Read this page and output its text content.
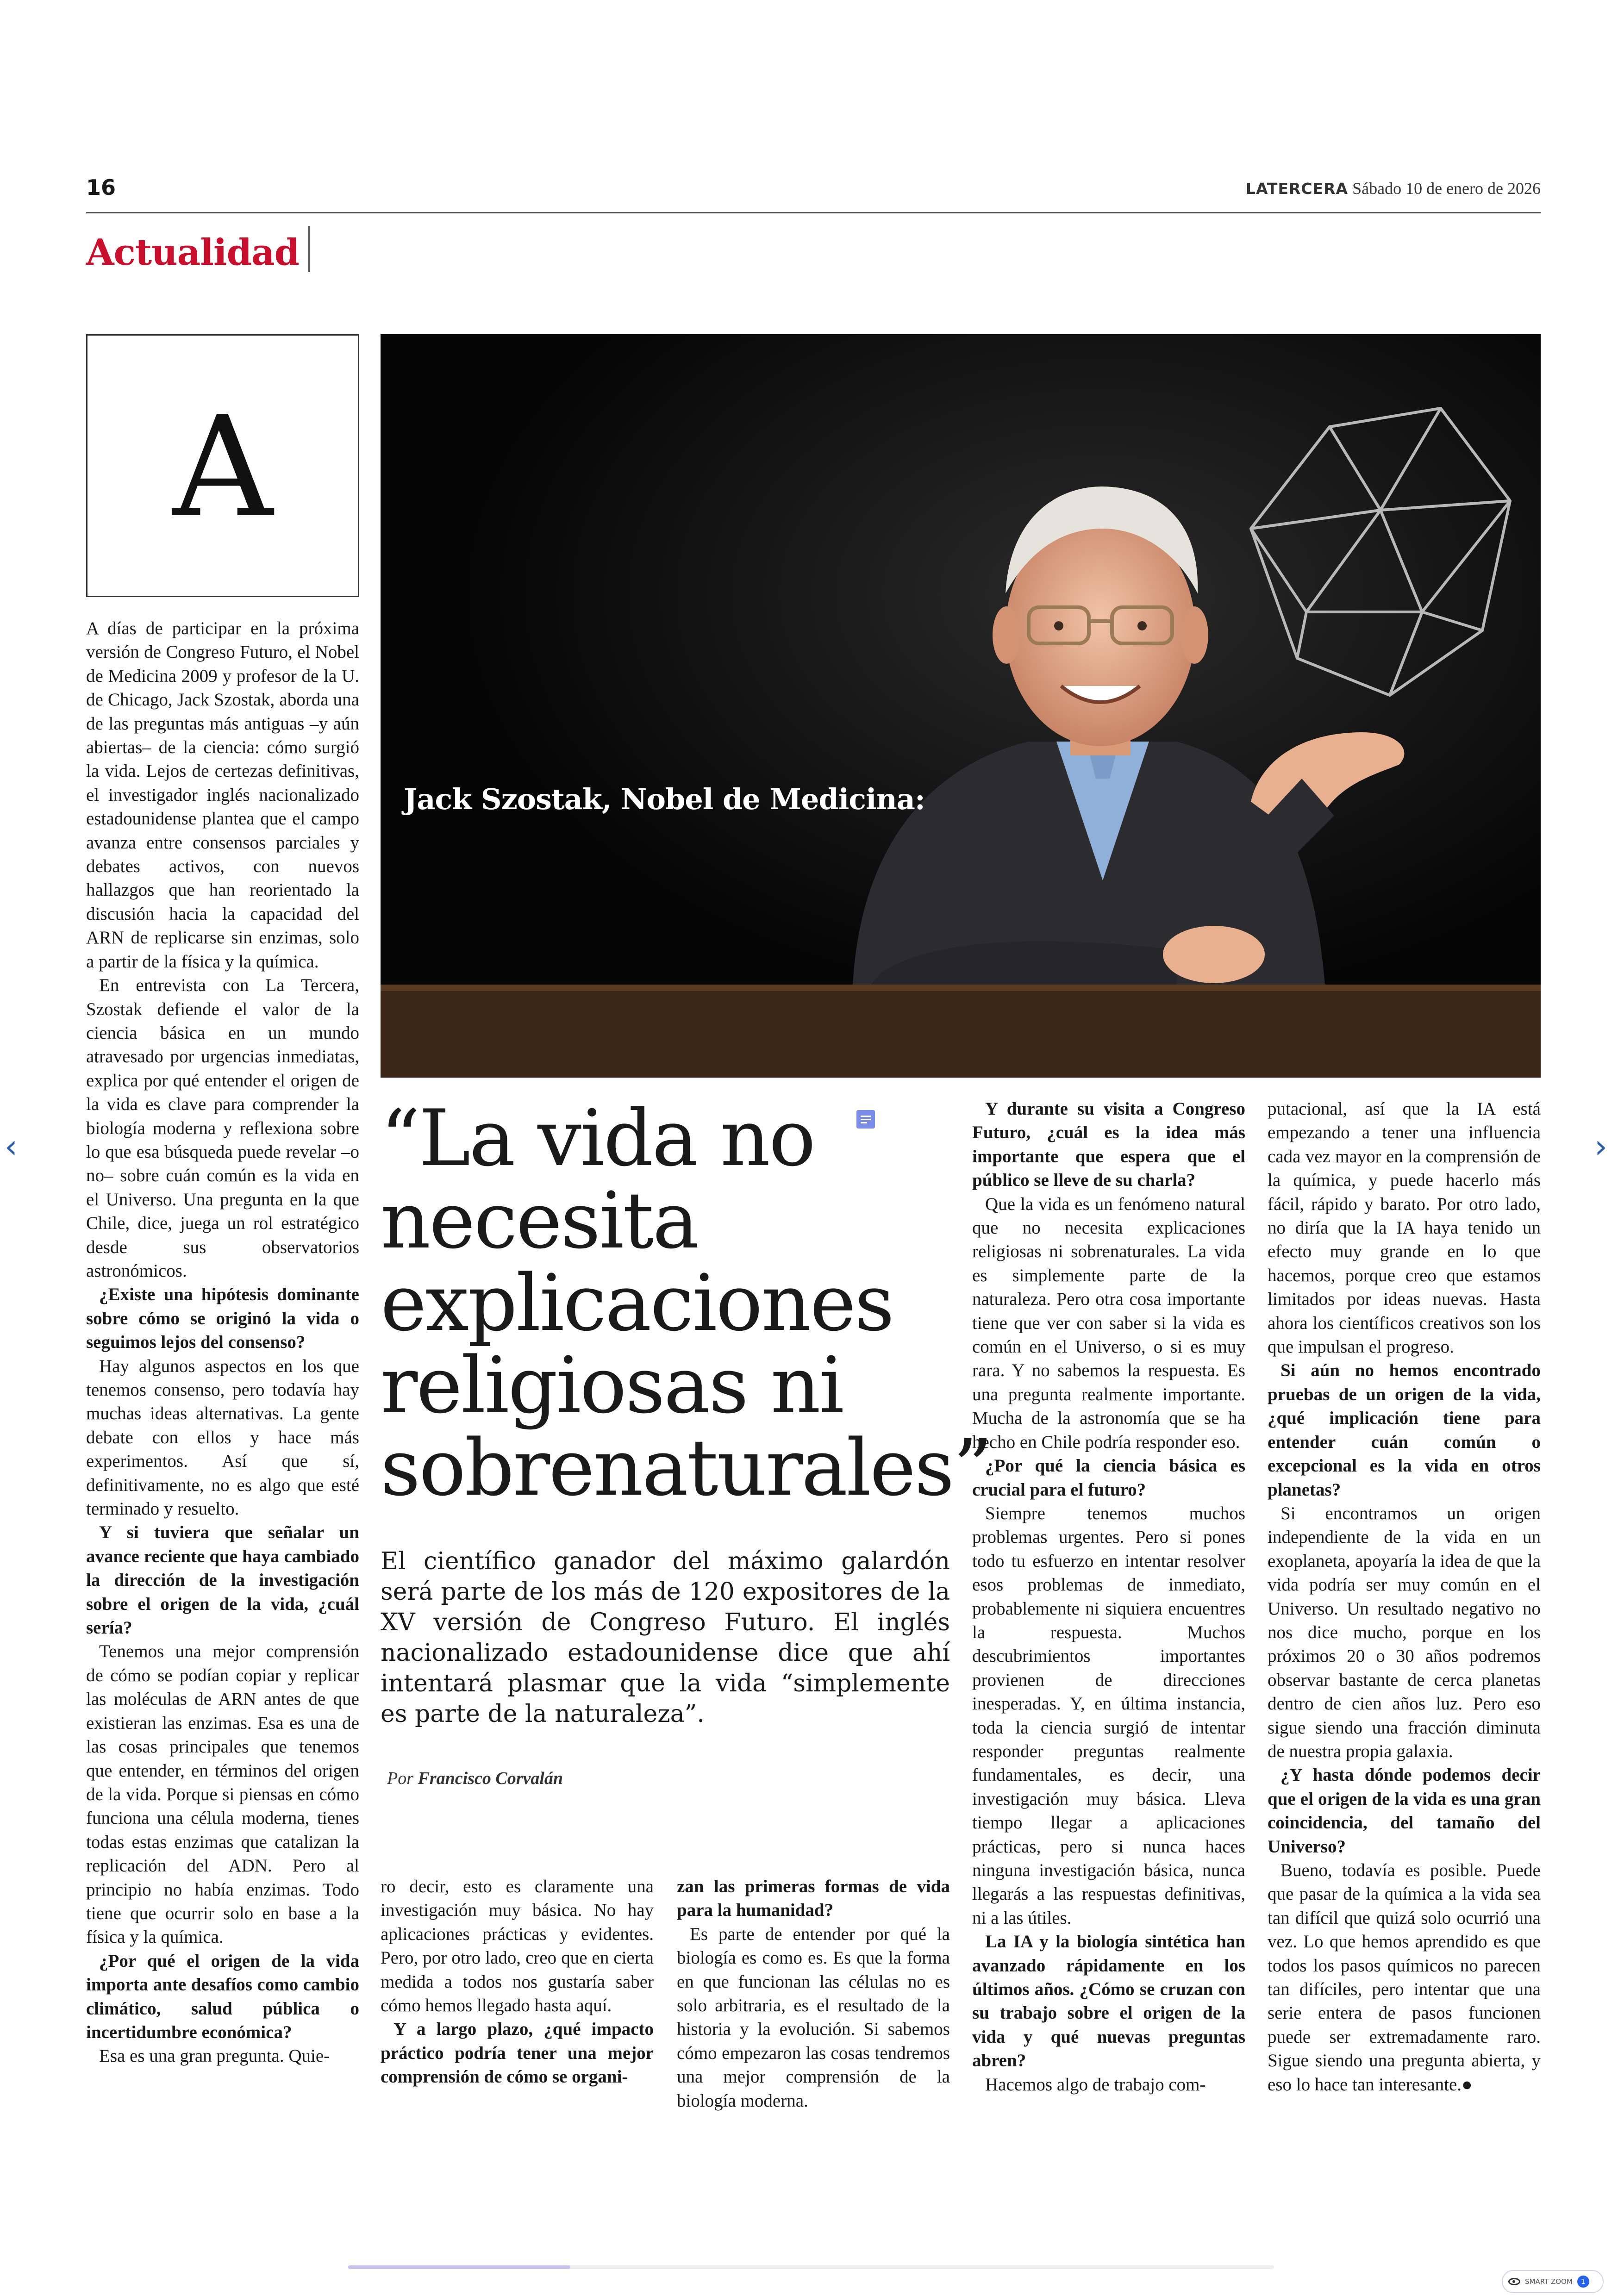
16	LATERCERA Sábado 10 de enero de 2026
Actualidad
A
Jack Szostak, Nobel de Medicina:
“La vida no necesita explicaciones religiosas ni sobrenaturales”
El científico ganador del máximo galardón será parte de los más de 120 expositores de la XV versión de Congreso Futuro. El inglés nacionalizado estadounidense dice que ahí intentará plasmar que la vida “simplemente es parte de la naturaleza”.
Por Francisco Corvalán

A días de participar en la próxima versión de Congreso Futuro, el Nobel de Medicina 2009 y profesor de la U. de Chicago, Jack Szostak, aborda una de las preguntas más antiguas –y aún abiertas– de la ciencia: cómo surgió la vida. Lejos de certezas definitivas, el investigador inglés nacionalizado estadounidense plantea que el campo avanza entre consensos parciales y debates activos, con nuevos hallazgos que han reorientado la discusión hacia la capacidad del ARN de replicarse sin enzimas, solo a partir de la física y la química.

En entrevista con La Tercera, Szostak defiende el valor de la ciencia básica en un mundo atravesado por urgencias inmediatas, explica por qué entender el origen de la vida es clave para comprender la biología moderna y reflexiona sobre lo que esa búsqueda puede revelar –o no– sobre cuán común es la vida en el Universo. Una pregunta en la que Chile, dice, juega un rol estratégico desde sus observatorios astronómicos.

¿Existe una hipótesis dominante sobre cómo se originó la vida o seguimos lejos del consenso?

Hay algunos aspectos en los que tenemos consenso, pero todavía hay muchas ideas alternativas. La gente debate con ellos y hace más experimentos. Así que sí, definitivamente, no es algo que esté terminado y resuelto.

Y si tuviera que señalar un avance reciente que haya cambiado la dirección de la investigación sobre el origen de la vida, ¿cuál sería?

Tenemos una mejor comprensión de cómo se podían copiar y replicar las moléculas de ARN antes de que existieran las enzimas. Esa es una de las cosas principales que tenemos que entender, en términos del origen de la vida. Porque si piensas en cómo funciona una célula moderna, tienes todas estas enzimas que catalizan la replicación del ADN. Pero al principio no había enzimas. Todo tiene que ocurrir solo en base a la física y la química.

¿Por qué el origen de la vida importa ante desafíos como cambio climático, salud pública o incertidumbre económica?

Esa es una gran pregunta. Quie-

ro decir, esto es claramente una investigación muy básica. No hay aplicaciones prácticas y evidentes. Pero, por otro lado, creo que en cierta medida a todos nos gustaría saber cómo hemos llegado hasta aquí.

Y a largo plazo, ¿qué impacto práctico podría tener una mejor comprensión de cómo se organi-

zan las primeras formas de vida para la humanidad?

Es parte de entender por qué la biología es como es. Es que la forma en que funcionan las células no es solo arbitraria, es el resultado de la historia y la evolución. Si sabemos cómo empezaron las cosas tendremos una mejor comprensión de la biología moderna.

Y durante su visita a Congreso Futuro, ¿cuál es la idea más importante que espera que el público se lleve de su charla?

Que la vida es un fenómeno natural que no necesita explicaciones religiosas ni sobrenaturales. La vida es simplemente parte de la naturaleza. Pero otra cosa importante tiene que ver con saber si la vida es común en el Universo, o si es muy rara. Y no sabemos la respuesta. Es una pregunta realmente importante. Mucha de la astronomía que se ha hecho en Chile podría responder eso.

¿Por qué la ciencia básica es crucial para el futuro?

Siempre tenemos muchos problemas urgentes. Pero si pones todo tu esfuerzo en intentar resolver esos problemas de inmediato, probablemente ni siquiera encuentres la respuesta. Muchos descubrimientos importantes provienen de direcciones inesperadas. Y, en última instancia, toda la ciencia surgió de intentar responder preguntas realmente fundamentales, es decir, una investigación muy básica. Lleva tiempo llegar a aplicaciones prácticas, pero si nunca haces ninguna investigación básica, nunca llegarás a las respuestas definitivas, ni a las útiles.

La IA y la biología sintética han avanzado rápidamente en los últimos años. ¿Cómo se cruzan con su trabajo sobre el origen de la vida y qué nuevas preguntas abren?

Hacemos algo de trabajo com-

putacional, así que la IA está empezando a tener una influencia cada vez mayor en la comprensión de la química, y puede hacerlo más fácil, rápido y barato. Por otro lado, no diría que la IA haya tenido un efecto muy grande en lo que hacemos, porque creo que estamos limitados por ideas nuevas. Hasta ahora los científicos creativos son los que impulsan el progreso.

Si aún no hemos encontrado pruebas de un origen de la vida, ¿qué implicación tiene para entender cuán común o excepcional es la vida en otros planetas?

Si encontramos un origen independiente de la vida en un exoplaneta, apoyaría la idea de que la vida podría ser muy común en el Universo. Un resultado negativo no nos dice mucho, porque en los próximos 20 o 30 años podremos observar bastante de cerca planetas dentro de cien años luz. Pero eso sigue siendo una fracción diminuta de nuestra propia galaxia.

¿Y hasta dónde podemos decir que el origen de la vida es una gran coincidencia, del tamaño del Universo?

Bueno, todavía es posible. Puede que pasar de la química a la vida sea tan difícil que quizá solo ocurrió una vez. Lo que hemos aprendido es que todos los pasos químicos no parecen tan difíciles, pero intentar que una serie entera de pasos funcionen puede ser extremadamente raro. Sigue siendo una pregunta abierta, y eso lo hace tan interesante.●

‹	›
SMART ZOOM	1
